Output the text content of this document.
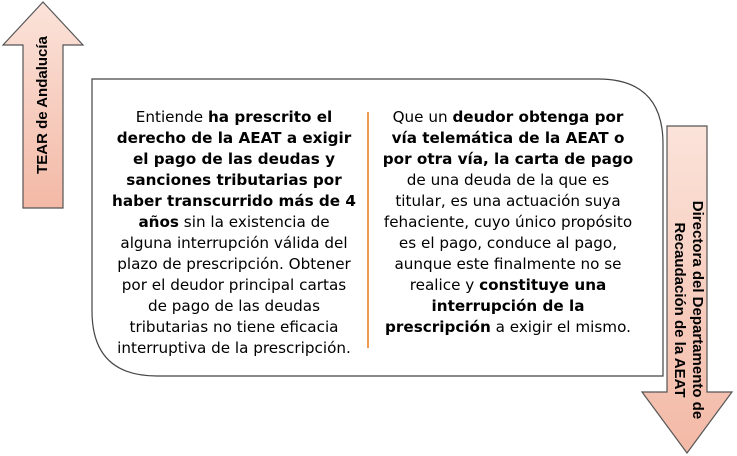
TEAR de Andalucía
Directora del Departamento de
Recaudación de la AEAT
Entiende ha prescrito el derecho de la AEAT a exigir el pago de las deudas y sanciones tributarias por haber transcurrido más de 4 años sin la existencia de alguna interrupción válida del plazo de prescripción. Obtener por el deudor principal cartas de pago de las deudas tributarias no tiene eficacia interruptiva de la prescripción.
Que un deudor obtenga por vía telemática de la AEAT o por otra vía, la carta de pago de una deuda de la que es titular, es una actuación suya fehaciente, cuyo único propósito es el pago, conduce al pago, aunque este finalmente no se realice y constituye una interrupción de la prescripción a exigir el mismo.
